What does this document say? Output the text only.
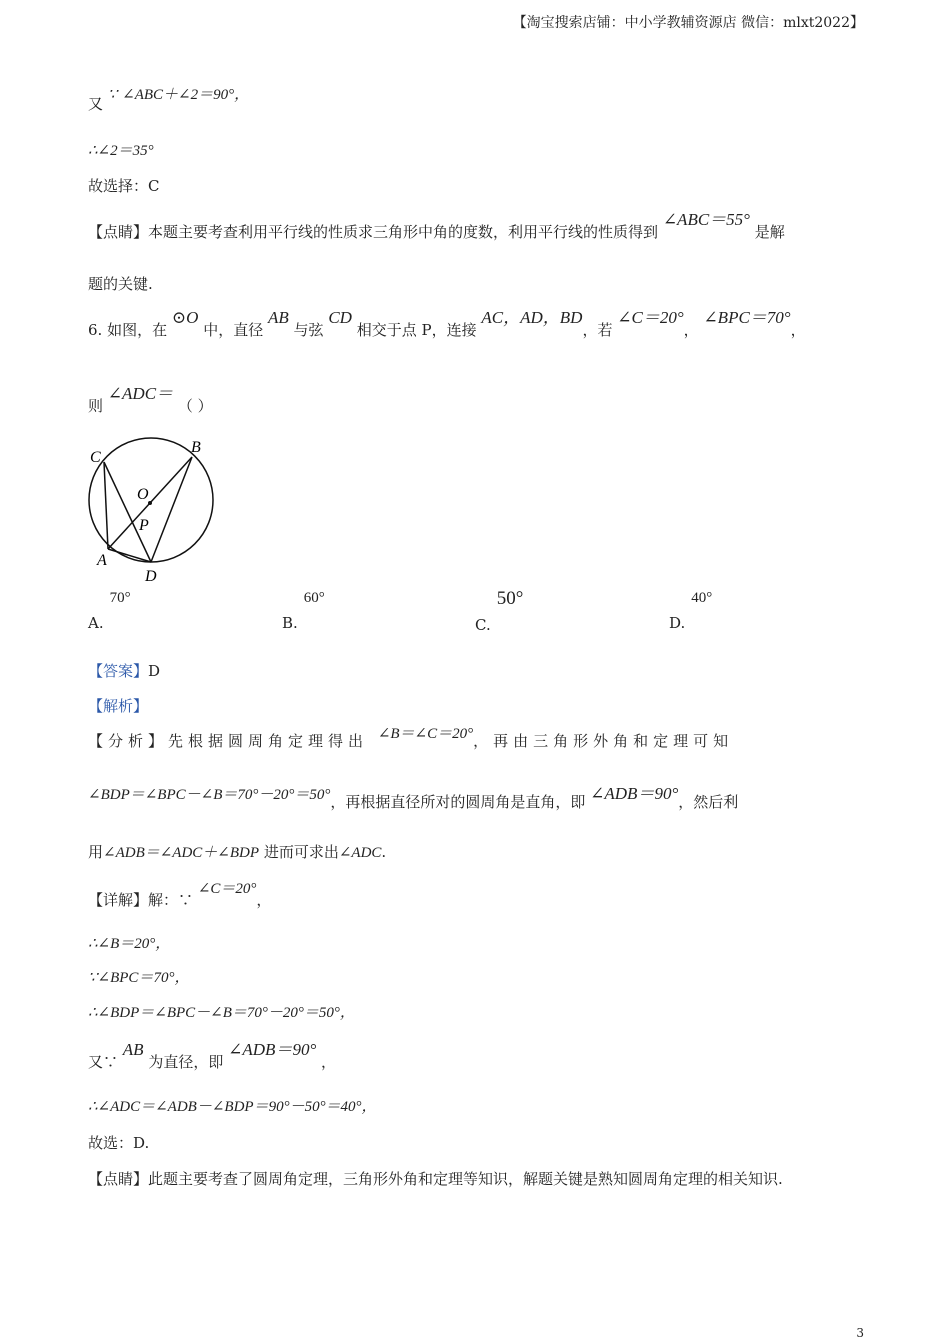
【淘宝搜索店铺：中小学教辅资源店 微信：mlxt2022】
又 ∵ ∠ABC＋∠2＝90°，
∴∠2＝35°
故选择：C
【点睛】本题主要考查利用平行线的性质求三角形中角的度数，利用平行线的性质得到 ∠ABC＝55° 是解
题的关键.
6. 如图，在 ⊙O 中，直径 AB 与弦 CD 相交于点 P，连接 AC，AD，BD，若 ∠C＝20°， ∠BPC＝70°，
则 ∠ADC＝ （ ）
C
B
O
P
A
D
A.70°
B.60°
C.50°
D.40°
【答案】D
【解析】
【分析】先根据圆周角定理得出 ∠B＝∠C＝20°，再由三角形外角和定理可知
∠BDP＝∠BPC－∠B＝70°－20°＝50°，再根据直径所对的圆周角是直角，即 ∠ADB＝90°，然后利
用∠ADB＝∠ADC＋∠BDP 进而可求出∠ADC.
【详解】解：∵ ∠C＝20°，
∴∠B＝20°，
∵∠BPC＝70°，
∴∠BDP＝∠BPC－∠B＝70°－20°＝50°，
又∵ AB 为直径，即 ∠ADB＝90° ，
∴∠ADC＝∠ADB－∠BDP＝90°－50°＝40°，
故选：D.
【点睛】此题主要考查了圆周角定理，三角形外角和定理等知识，解题关键是熟知圆周角定理的相关知识.
3
